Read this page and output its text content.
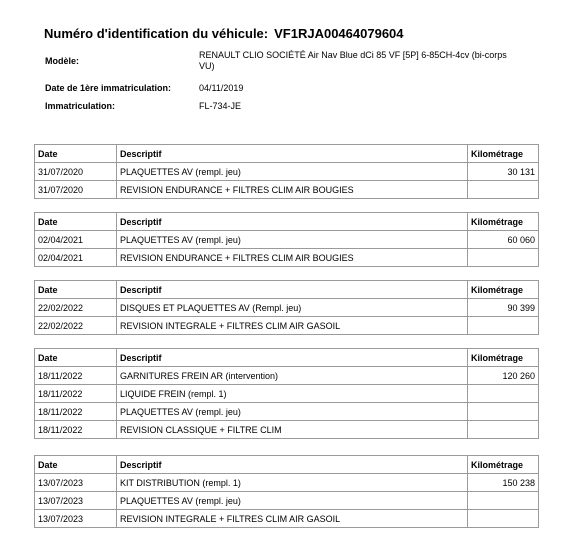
Numéro d'identification du véhicule: VF1RJA00464079604
Modèle:
RENAULT CLIO SOCIÉTÉ Air Nav Blue dCi 85 VF [5P] 6-85CH-4cv (bi-corps VU)
Date de 1ère immatriculation:	04/11/2019
Immatriculation:	FL-734-JE
Date	Descriptif	Kilométrage
31/07/2020	PLAQUETTES AV (rempl. jeu)	30 131
31/07/2020	REVISION ENDURANCE + FILTRES CLIM AIR BOUGIES	
Date	Descriptif	Kilométrage
02/04/2021	PLAQUETTES AV (rempl. jeu)	60 060
02/04/2021	REVISION ENDURANCE + FILTRES CLIM AIR BOUGIES	
Date	Descriptif	Kilométrage
22/02/2022	DISQUES ET PLAQUETTES AV (Rempl. jeu)	90 399
22/02/2022	REVISION INTEGRALE + FILTRES CLIM AIR GASOIL	
Date	Descriptif	Kilométrage
18/11/2022	GARNITURES FREIN AR (intervention)	120 260
18/11/2022	LIQUIDE FREIN (rempl. 1)	
18/11/2022	PLAQUETTES AV (rempl. jeu)	
18/11/2022	REVISION CLASSIQUE + FILTRE CLIM	
Date	Descriptif	Kilométrage
13/07/2023	KIT DISTRIBUTION (rempl. 1)	150 238
13/07/2023	PLAQUETTES AV (rempl. jeu)	
13/07/2023	REVISION INTEGRALE + FILTRES CLIM AIR GASOIL	
